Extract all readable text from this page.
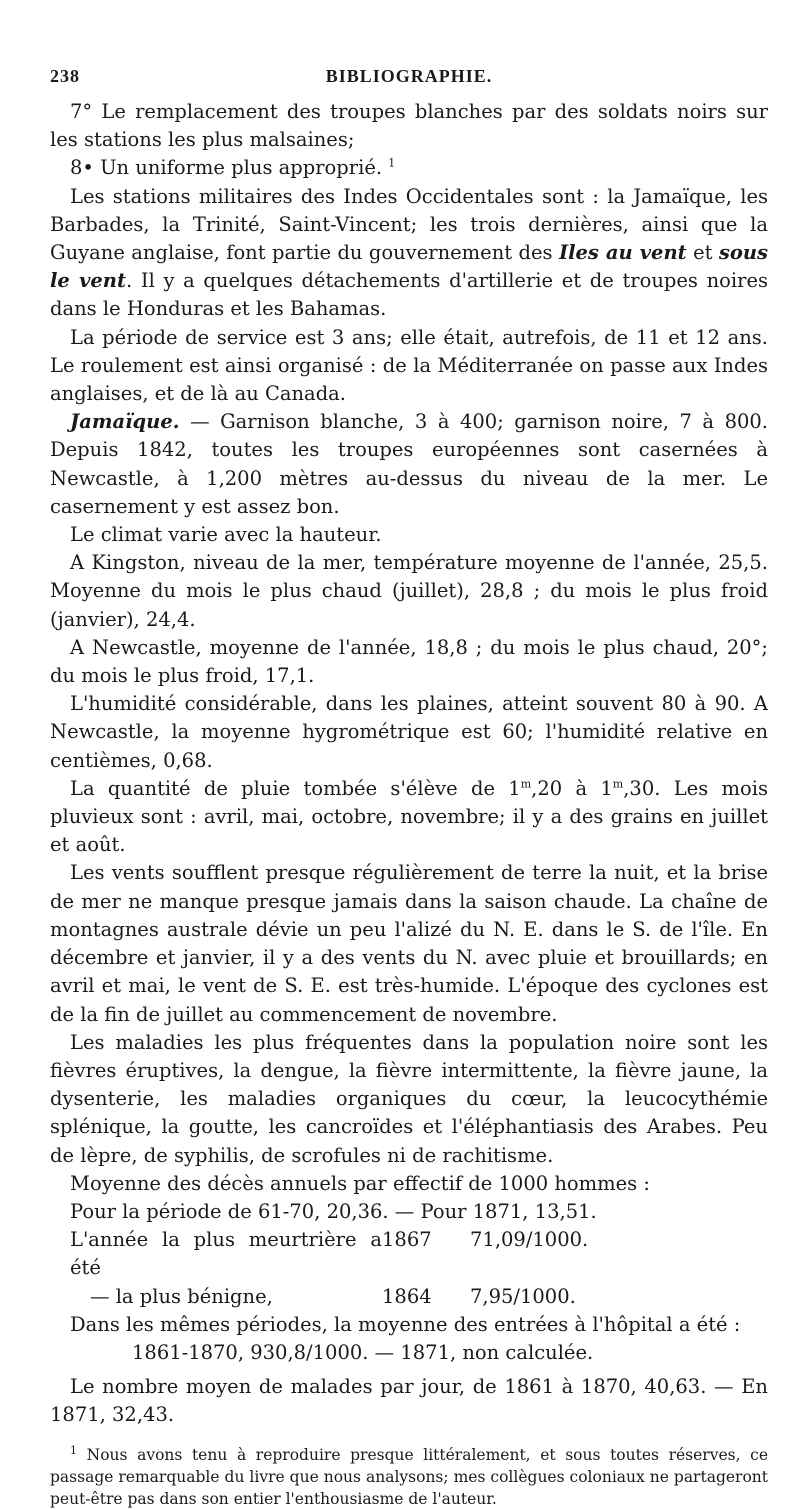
238	BIBLIOGRAPHIE.

7° Le remplacement des troupes blanches par des soldats noirs sur les stations les plus malsaines;

8• Un uniforme plus approprié. $^1$

Les stations militaires des Indes Occidentales sont : la Jamaïque, les Barbades, la Trinité, Saint-Vincent; les trois dernières, ainsi que la Guyane anglaise, font partie du gouvernement des Iles au vent et sous le vent. Il y a quelques détachements d'artillerie et de troupes noires dans le Honduras et les Bahamas.

La période de service est 3 ans; elle était, autrefois, de 11 et 12 ans. Le roulement est ainsi organisé : de la Méditerranée on passe aux Indes anglaises, et de là au Canada.

Jamaïque. — Garnison blanche, 3 à 400; garnison noire, 7 à 800. Depuis 1842, toutes les troupes européennes sont casernées à Newcastle, à 1,200 mètres au-dessus du niveau de la mer. Le casernement y est assez bon.

Le climat varie avec la hauteur.

A Kingston, niveau de la mer, température moyenne de l'année, 25,5. Moyenne du mois le plus chaud (juillet), 28,8 ; du mois le plus froid (janvier), 24,4.

A Newcastle, moyenne de l'année, 18,8 ; du mois le plus chaud, 20°; du mois le plus froid, 17,1.

L'humidité considérable, dans les plaines, atteint souvent 80 à 90. A Newcastle, la moyenne hygrométrique est 60; l'humidité relative en centièmes, 0,68.

La quantité de pluie tombée s'élève de 1$^m$,20 à 1$^m$,30. Les mois pluvieux sont : avril, mai, octobre, novembre; il y a des grains en juillet et août.

Les vents soufflent presque régulièrement de terre la nuit, et la brise de mer ne manque presque jamais dans la saison chaude. La chaîne de montagnes australe dévie un peu l'alizé du N. E. dans le S. de l'île. En décembre et janvier, il y a des vents du N. avec pluie et brouillards; en avril et mai, le vent de S. E. est très-humide. L'époque des cyclones est de la fin de juillet au commencement de novembre.

Les maladies les plus fréquentes dans la population noire sont les fièvres éruptives, la dengue, la fièvre intermittente, la fièvre jaune, la dysenterie, les maladies organiques du cœur, la leucocythémie splénique, la goutte, les cancroïdes et l'éléphantiasis des Arabes. Peu de lèpre, de syphilis, de scrofules ni de rachitisme.

Moyenne des décès annuels par effectif de 1000 hommes :

Pour la période de 61-70, 20,36. — Pour 1871, 13,51.

L'année la plus meurtrière a été
1867	71,09/1000.
— la plus bénigne,	1864	7,95/1000.

Dans les mêmes périodes, la moyenne des entrées à l'hôpital a été :

1861-1870, 930,8/1000. — 1871, non calculée.

Le nombre moyen de malades par jour, de 1861 à 1870, 40,63. — En 1871, 32,43.

$^1$ Nous avons tenu à reproduire presque littéralement, et sous toutes réserves, ce passage remarquable du livre que nous analysons; mes collègues coloniaux ne partageront peut-être pas dans son entier l'enthousiasme de l'auteur.
